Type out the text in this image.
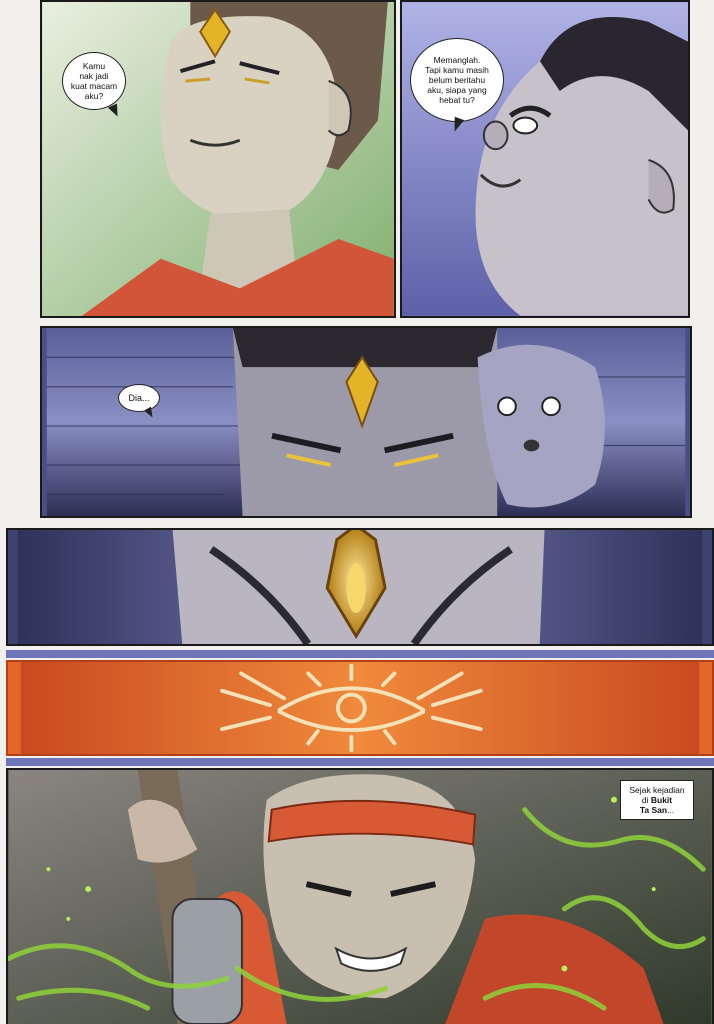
Kamu
nak jadi
kuat macam
aku?
Memanglah.
Tapi kamu masih
belum beritahu
aku, siapa yang
hebat tu?
Dia...
Sejak kejadian
di Bukit
Ta San...
3
